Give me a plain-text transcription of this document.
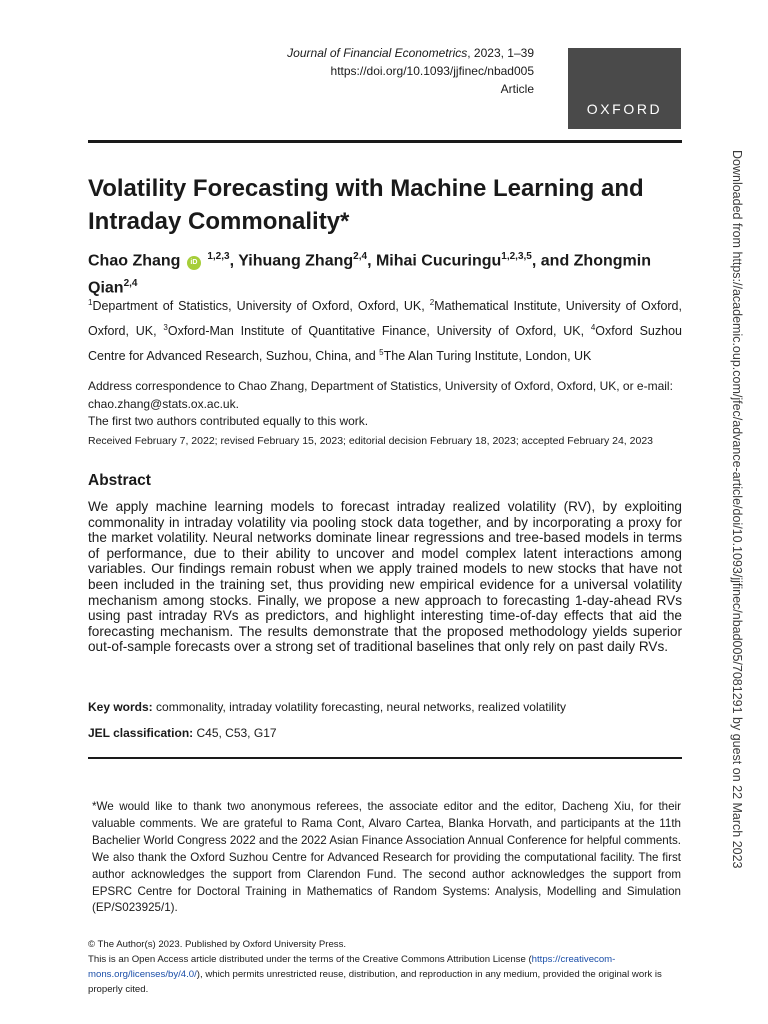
Journal of Financial Econometrics, 2023, 1–39
https://doi.org/10.1093/jjfinec/nbad005
Article
OXFORD
Volatility Forecasting with Machine Learning and Intraday Commonality*
Chao Zhang iD $^{1,2,3}$, Yihuang Zhang$^{2,4}$, Mihai Cucuringu$^{1,2,3,5}$, and Zhongmin Qian$^{2,4}$
$^1$Department of Statistics, University of Oxford, Oxford, UK, $^2$Mathematical Institute, University of Oxford, Oxford, UK, $^3$Oxford-Man Institute of Quantitative Finance, University of Oxford, UK, $^4$Oxford Suzhou Centre for Advanced Research, Suzhou, China, and $^5$The Alan Turing Institute, London, UK
Address correspondence to Chao Zhang, Department of Statistics, University of Oxford, Oxford, UK, or e-mail: chao.zhang@stats.ox.ac.uk.
The first two authors contributed equally to this work.
Received February 7, 2022; revised February 15, 2023; editorial decision February 18, 2023; accepted February 24, 2023
Abstract
We apply machine learning models to forecast intraday realized volatility (RV), by exploiting commonality in intraday volatility via pooling stock data together, and by incorporating a proxy for the market volatility. Neural networks dominate linear regressions and tree-based models in terms of performance, due to their ability to uncover and model complex latent interactions among variables. Our findings remain robust when we apply trained models to new stocks that have not been included in the training set, thus providing new empirical evidence for a universal volatility mechanism among stocks. Finally, we propose a new approach to forecasting 1-day-ahead RVs using past intraday RVs as predictors, and highlight interesting time-of-day effects that aid the forecasting mechanism. The results demonstrate that the proposed methodology yields superior out-of-sample forecasts over a strong set of traditional baselines that only rely on past daily RVs.
Key words: commonality, intraday volatility forecasting, neural networks, realized volatility
JEL classification: C45, C53, G17
*We would like to thank two anonymous referees, the associate editor and the editor, Dacheng Xiu, for their valuable comments. We are grateful to Rama Cont, Alvaro Cartea, Blanka Horvath, and participants at the 11th Bachelier World Congress 2022 and the 2022 Asian Finance Association Annual Conference for helpful comments. We also thank the Oxford Suzhou Centre for Advanced Research for providing the computational facility. The first author acknowledges the support from Clarendon Fund. The second author acknowledges the support from EPSRC Centre for Doctoral Training in Mathematics of Random Systems: Analysis, Modelling and Simulation (EP/S023925/1).
© The Author(s) 2023. Published by Oxford University Press.
This is an Open Access article distributed under the terms of the Creative Commons Attribution License (https://creativecommons.org/licenses/by/4.0/), which permits unrestricted reuse, distribution, and reproduction in any medium, provided the original work is properly cited.
Downloaded from https://academic.oup.com/jfec/advance-article/doi/10.1093/jjfinec/nbad005/7081291 by guest on 22 March 2023
